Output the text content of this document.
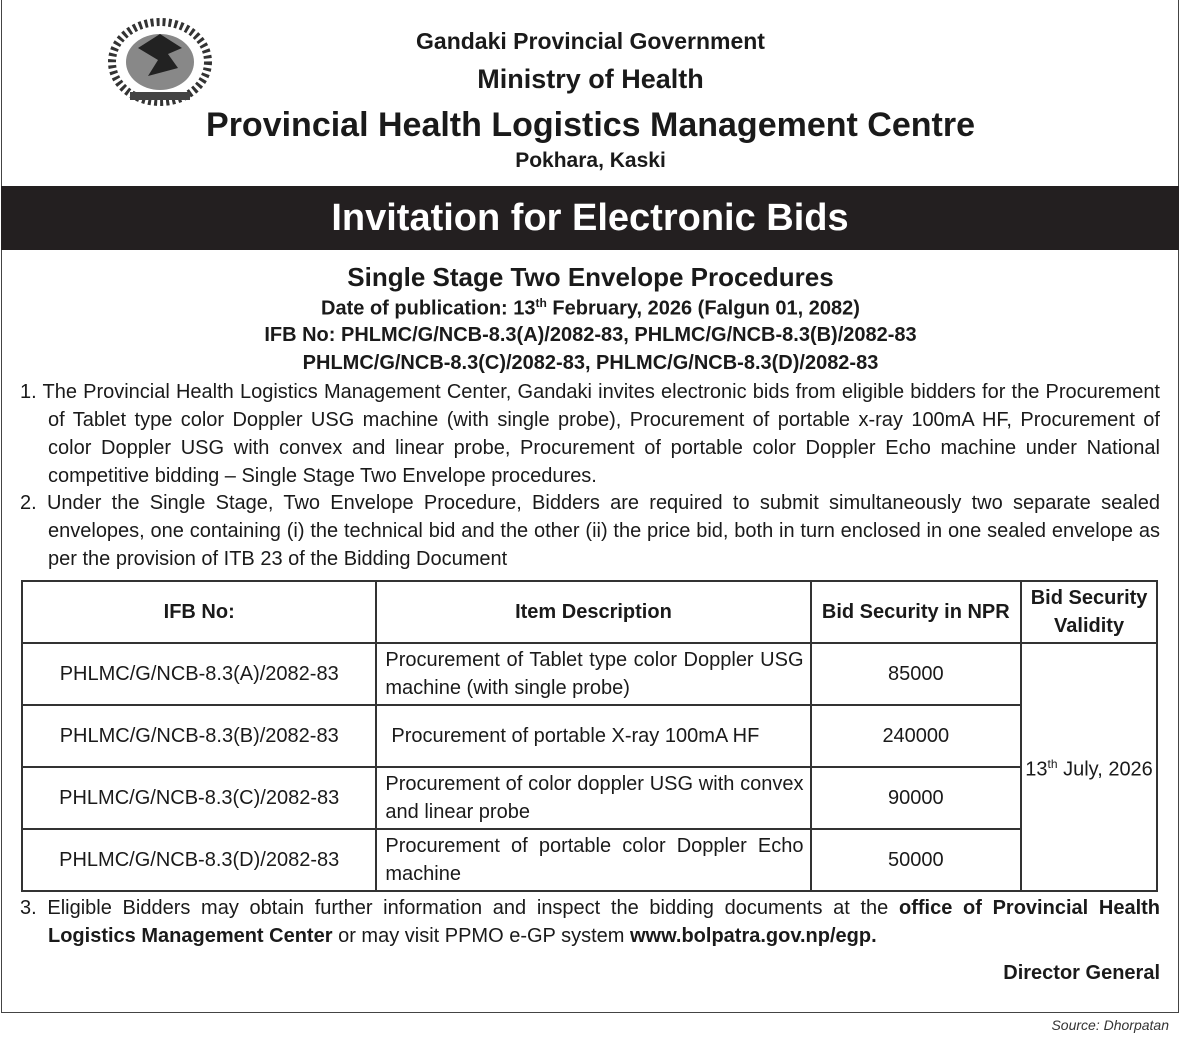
Gandaki Provincial Government
Ministry of Health
Provincial Health Logistics Management Centre
Pokhara, Kaski
Invitation for Electronic Bids
Single Stage Two Envelope Procedures
Date of publication: 13th February, 2026 (Falgun 01, 2082)
IFB No: PHLMC/G/NCB-8.3(A)/2082-83, PHLMC/G/NCB-8.3(B)/2082-83
PHLMC/G/NCB-8.3(C)/2082-83, PHLMC/G/NCB-8.3(D)/2082-83
1. The Provincial Health Logistics Management Center, Gandaki invites electronic bids from eligible bidders for the Procurement of Tablet type color Doppler USG machine (with single probe), Procurement of portable x-ray 100mA HF, Procurement of color Doppler USG with convex and linear probe, Procurement of portable color Doppler Echo machine under National competitive bidding – Single Stage Two Envelope procedures.
2. Under the Single Stage, Two Envelope Procedure, Bidders are required to submit simultaneously two separate sealed envelopes, one containing (i) the technical bid and the other (ii) the price bid, both in turn enclosed in one sealed envelope as per the provision of ITB 23 of the Bidding Document
IFB No:	Item Description	Bid Security in NPR	Bid Security Validity
PHLMC/G/NCB-8.3(A)/2082-83	Procurement of Tablet type color Doppler USG machine (with single probe)	85000	13th July, 2026
PHLMC/G/NCB-8.3(B)/2082-83	Procurement of portable X-ray 100mA HF	240000	
PHLMC/G/NCB-8.3(C)/2082-83	Procurement of color doppler USG with convex and linear probe	90000	
PHLMC/G/NCB-8.3(D)/2082-83	Procurement of portable color Doppler Echo machine	50000	
3. Eligible Bidders may obtain further information and inspect the bidding documents at the office of Provincial Health Logistics Management Center or may visit PPMO e-GP system www.bolpatra.gov.np/egp.
Director General
Source: Dhorpatan
